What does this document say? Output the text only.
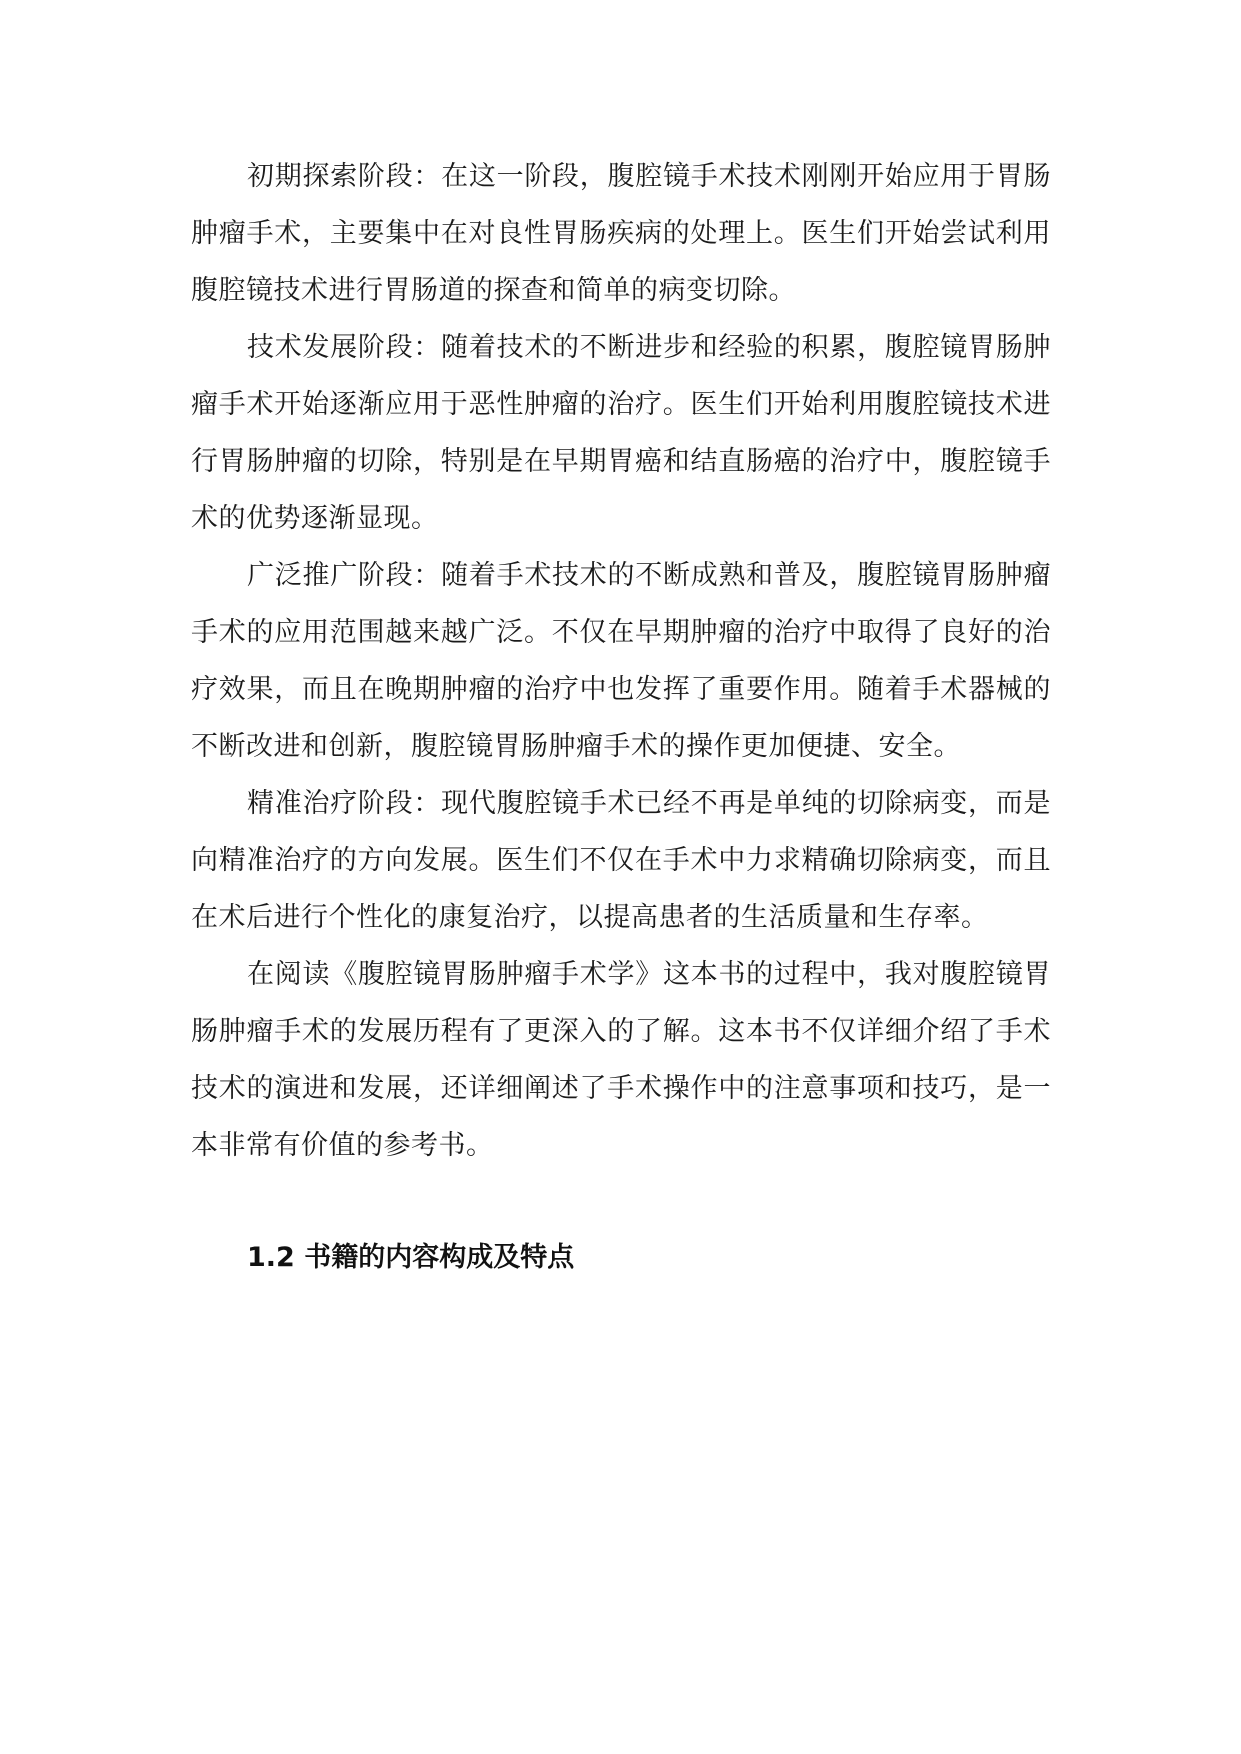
初期探索阶段：在这一阶段，腹腔镜手术技术刚刚开始应用于胃肠肿瘤手术，主要集中在对良性胃肠疾病的处理上。医生们开始尝试利用腹腔镜技术进行胃肠道的探查和简单的病变切除。

技术发展阶段：随着技术的不断进步和经验的积累，腹腔镜胃肠肿瘤手术开始逐渐应用于恶性肿瘤的治疗。医生们开始利用腹腔镜技术进行胃肠肿瘤的切除，特别是在早期胃癌和结直肠癌的治疗中，腹腔镜手术的优势逐渐显现。

广泛推广阶段：随着手术技术的不断成熟和普及，腹腔镜胃肠肿瘤手术的应用范围越来越广泛。不仅在早期肿瘤的治疗中取得了良好的治疗效果，而且在晚期肿瘤的治疗中也发挥了重要作用。随着手术器械的不断改进和创新，腹腔镜胃肠肿瘤手术的操作更加便捷、安全。

精准治疗阶段：现代腹腔镜手术已经不再是单纯的切除病变，而是向精准治疗的方向发展。医生们不仅在手术中力求精确切除病变，而且在术后进行个性化的康复治疗，以提高患者的生活质量和生存率。

在阅读《腹腔镜胃肠肿瘤手术学》这本书的过程中，我对腹腔镜胃肠肿瘤手术的发展历程有了更深入的了解。这本书不仅详细介绍了手术技术的演进和发展，还详细阐述了手术操作中的注意事项和技巧，是一本非常有价值的参考书。

1.2 书籍的内容构成及特点
